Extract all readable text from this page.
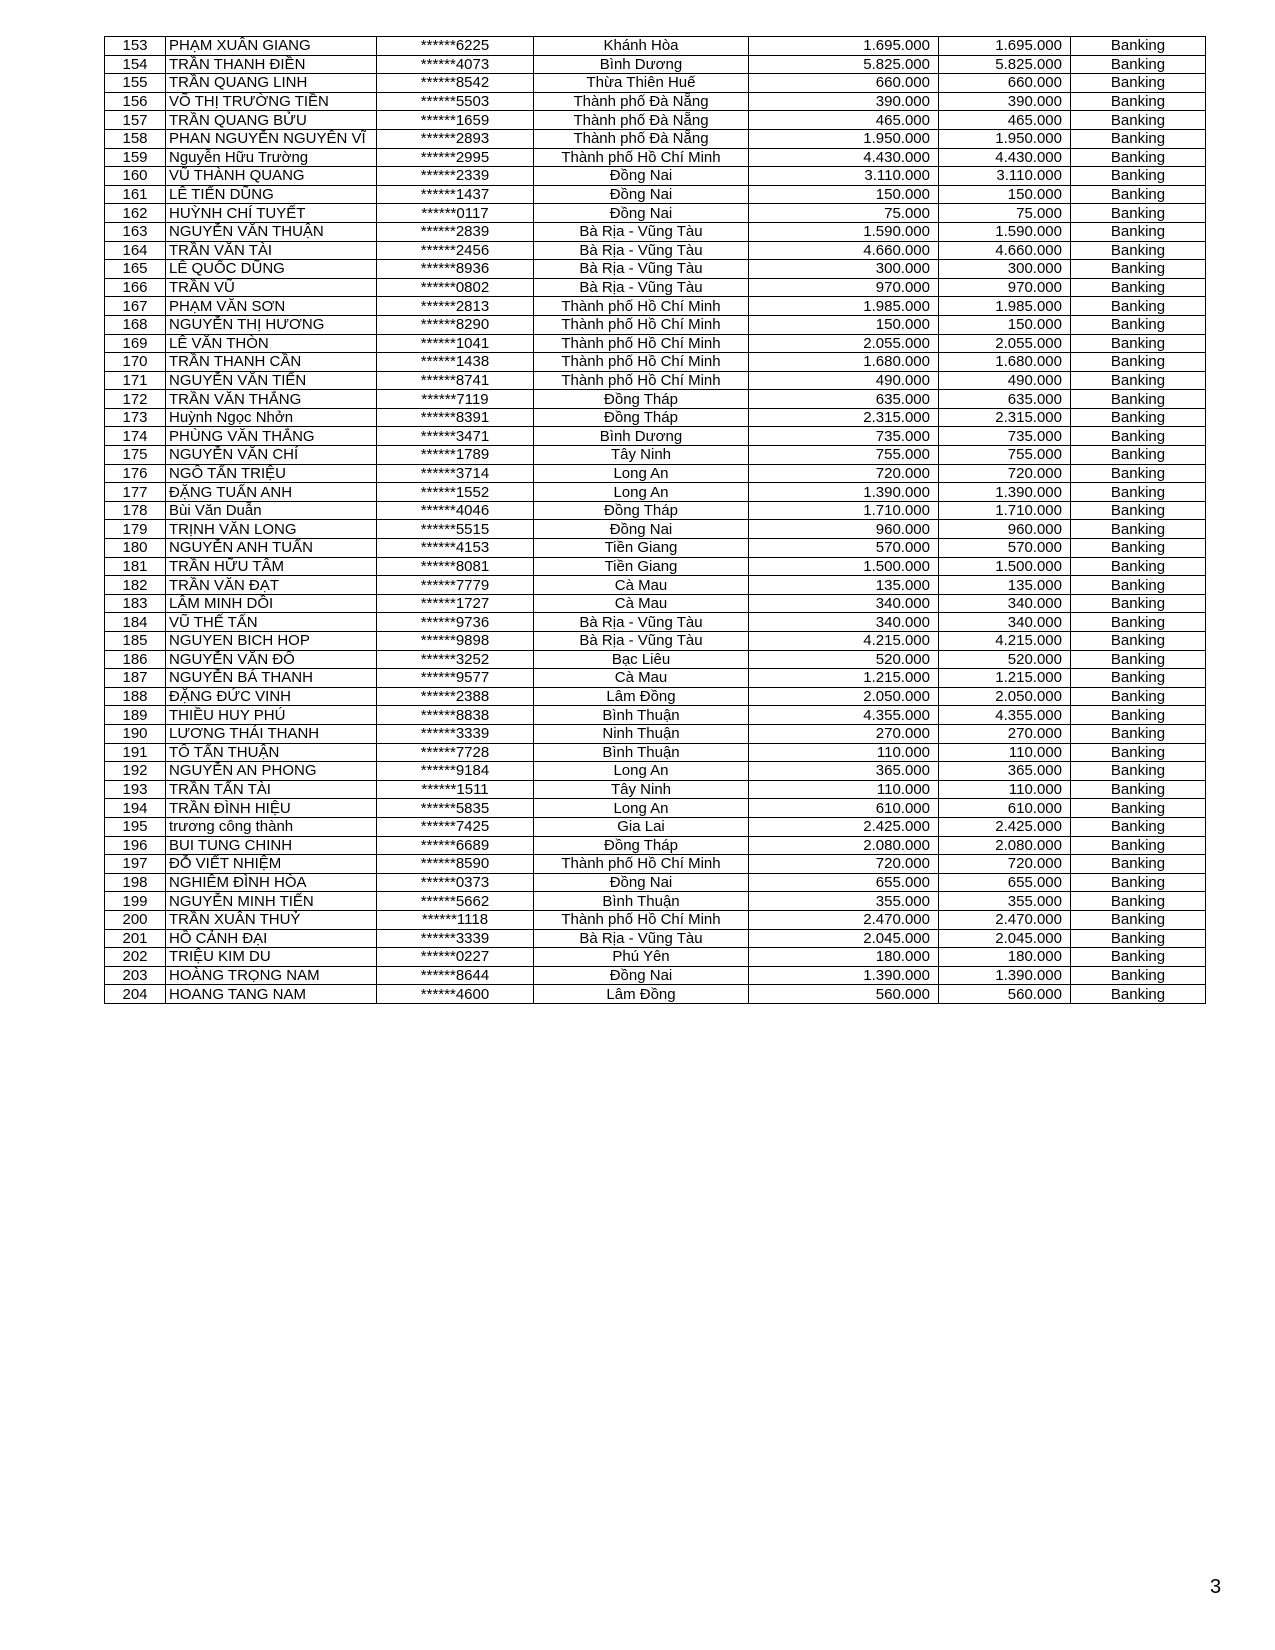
153	PHẠM XUÂN GIANG	******6225	Khánh Hòa	1.695.000	1.695.000	Banking
154	TRẦN THANH ĐIỀN	******4073	Bình Dương	5.825.000	5.825.000	Banking
155	TRẦN QUANG LINH	******8542	Thừa Thiên Huế	660.000	660.000	Banking
156	VÕ THỊ TRƯỜNG TIỀN	******5503	Thành phố Đà Nẵng	390.000	390.000	Banking
157	TRẦN QUANG BỬU	******1659	Thành phố Đà Nẵng	465.000	465.000	Banking
158	PHAN NGUYỄN NGUYÊN VĨ	******2893	Thành phố Đà Nẵng	1.950.000	1.950.000	Banking
159	Nguyễn Hữu Trường	******2995	Thành phố Hồ Chí Minh	4.430.000	4.430.000	Banking
160	VŨ THÀNH QUANG	******2339	Đồng Nai	3.110.000	3.110.000	Banking
161	LÊ TIẾN DŨNG	******1437	Đồng Nai	150.000	150.000	Banking
162	HUỲNH CHÍ TUYẾT	******0117	Đồng Nai	75.000	75.000	Banking
163	NGUYỄN VĂN THUẬN	******2839	Bà Rịa - Vũng Tàu	1.590.000	1.590.000	Banking
164	TRẦN VĂN TÀI	******2456	Bà Rịa - Vũng Tàu	4.660.000	4.660.000	Banking
165	LÊ QUỐC DŨNG	******8936	Bà Rịa - Vũng Tàu	300.000	300.000	Banking
166	TRẦN VŨ	******0802	Bà Rịa - Vũng Tàu	970.000	970.000	Banking
167	PHẠM VĂN SƠN	******2813	Thành phố Hồ Chí Minh	1.985.000	1.985.000	Banking
168	NGUYỄN THỊ HƯƠNG	******8290	Thành phố Hồ Chí Minh	150.000	150.000	Banking
169	LÊ VĂN THÒN	******1041	Thành phố Hồ Chí Minh	2.055.000	2.055.000	Banking
170	TRẦN THANH CẦN	******1438	Thành phố Hồ Chí Minh	1.680.000	1.680.000	Banking
171	NGUYỄN VĂN TIẾN	******8741	Thành phố Hồ Chí Minh	490.000	490.000	Banking
172	TRẦN VĂN THẮNG	******7119	Đồng Tháp	635.000	635.000	Banking
173	Huỳnh Ngọc Nhởn	******8391	Đồng Tháp	2.315.000	2.315.000	Banking
174	PHÙNG VĂN THẮNG	******3471	Bình Dương	735.000	735.000	Banking
175	NGUYỄN VĂN CHÍ	******1789	Tây Ninh	755.000	755.000	Banking
176	NGÔ TẤN TRIỆU	******3714	Long An	720.000	720.000	Banking
177	ĐẶNG TUẤN ANH	******1552	Long An	1.390.000	1.390.000	Banking
178	Bùi Văn Duẫn	******4046	Đồng Tháp	1.710.000	1.710.000	Banking
179	TRỊNH VĂN LONG	******5515	Đồng Nai	960.000	960.000	Banking
180	NGUYỄN ANH TUẤN	******4153	Tiền Giang	570.000	570.000	Banking
181	TRẦN HỮU TÂM	******8081	Tiền Giang	1.500.000	1.500.000	Banking
182	TRẦN VĂN ĐẠT	******7779	Cà Mau	135.000	135.000	Banking
183	LÂM MINH DỒI	******1727	Cà Mau	340.000	340.000	Banking
184	VŨ THẾ TẤN	******9736	Bà Rịa - Vũng Tàu	340.000	340.000	Banking
185	NGUYEN BICH HOP	******9898	Bà Rịa - Vũng Tàu	4.215.000	4.215.000	Banking
186	NGUYỄN VĂN ĐÔ	******3252	Bạc Liêu	520.000	520.000	Banking
187	NGUYỄN BÁ THANH	******9577	Cà Mau	1.215.000	1.215.000	Banking
188	ĐẶNG ĐỨC VINH	******2388	Lâm Đồng	2.050.000	2.050.000	Banking
189	THIỀU HUY PHÚ	******8838	Bình Thuận	4.355.000	4.355.000	Banking
190	LƯƠNG THÁI THANH	******3339	Ninh Thuận	270.000	270.000	Banking
191	TÔ TẤN THUẬN	******7728	Bình Thuận	110.000	110.000	Banking
192	NGUYỄN AN PHONG	******9184	Long An	365.000	365.000	Banking
193	TRẦN TẤN TÀI	******1511	Tây Ninh	110.000	110.000	Banking
194	TRẦN ĐÌNH HIỆU	******5835	Long An	610.000	610.000	Banking
195	trương công thành	******7425	Gia Lai	2.425.000	2.425.000	Banking
196	BUI TUNG CHINH	******6689	Đồng Tháp	2.080.000	2.080.000	Banking
197	ĐỖ VIẾT NHIỆM	******8590	Thành phố Hồ Chí Minh	720.000	720.000	Banking
198	NGHIÊM ĐÌNH HÒA	******0373	Đồng Nai	655.000	655.000	Banking
199	NGUYỄN MINH TIẾN	******5662	Bình Thuận	355.000	355.000	Banking
200	TRẦN XUÂN THUỶ	******1118	Thành phố Hồ Chí Minh	2.470.000	2.470.000	Banking
201	HỒ CẢNH ĐẠI	******3339	Bà Rịa - Vũng Tàu	2.045.000	2.045.000	Banking
202	TRIỆU KIM DU	******0227	Phú Yên	180.000	180.000	Banking
203	HOÀNG TRỌNG NAM	******8644	Đồng Nai	1.390.000	1.390.000	Banking
204	HOANG TANG NAM	******4600	Lâm Đồng	560.000	560.000	Banking
3
